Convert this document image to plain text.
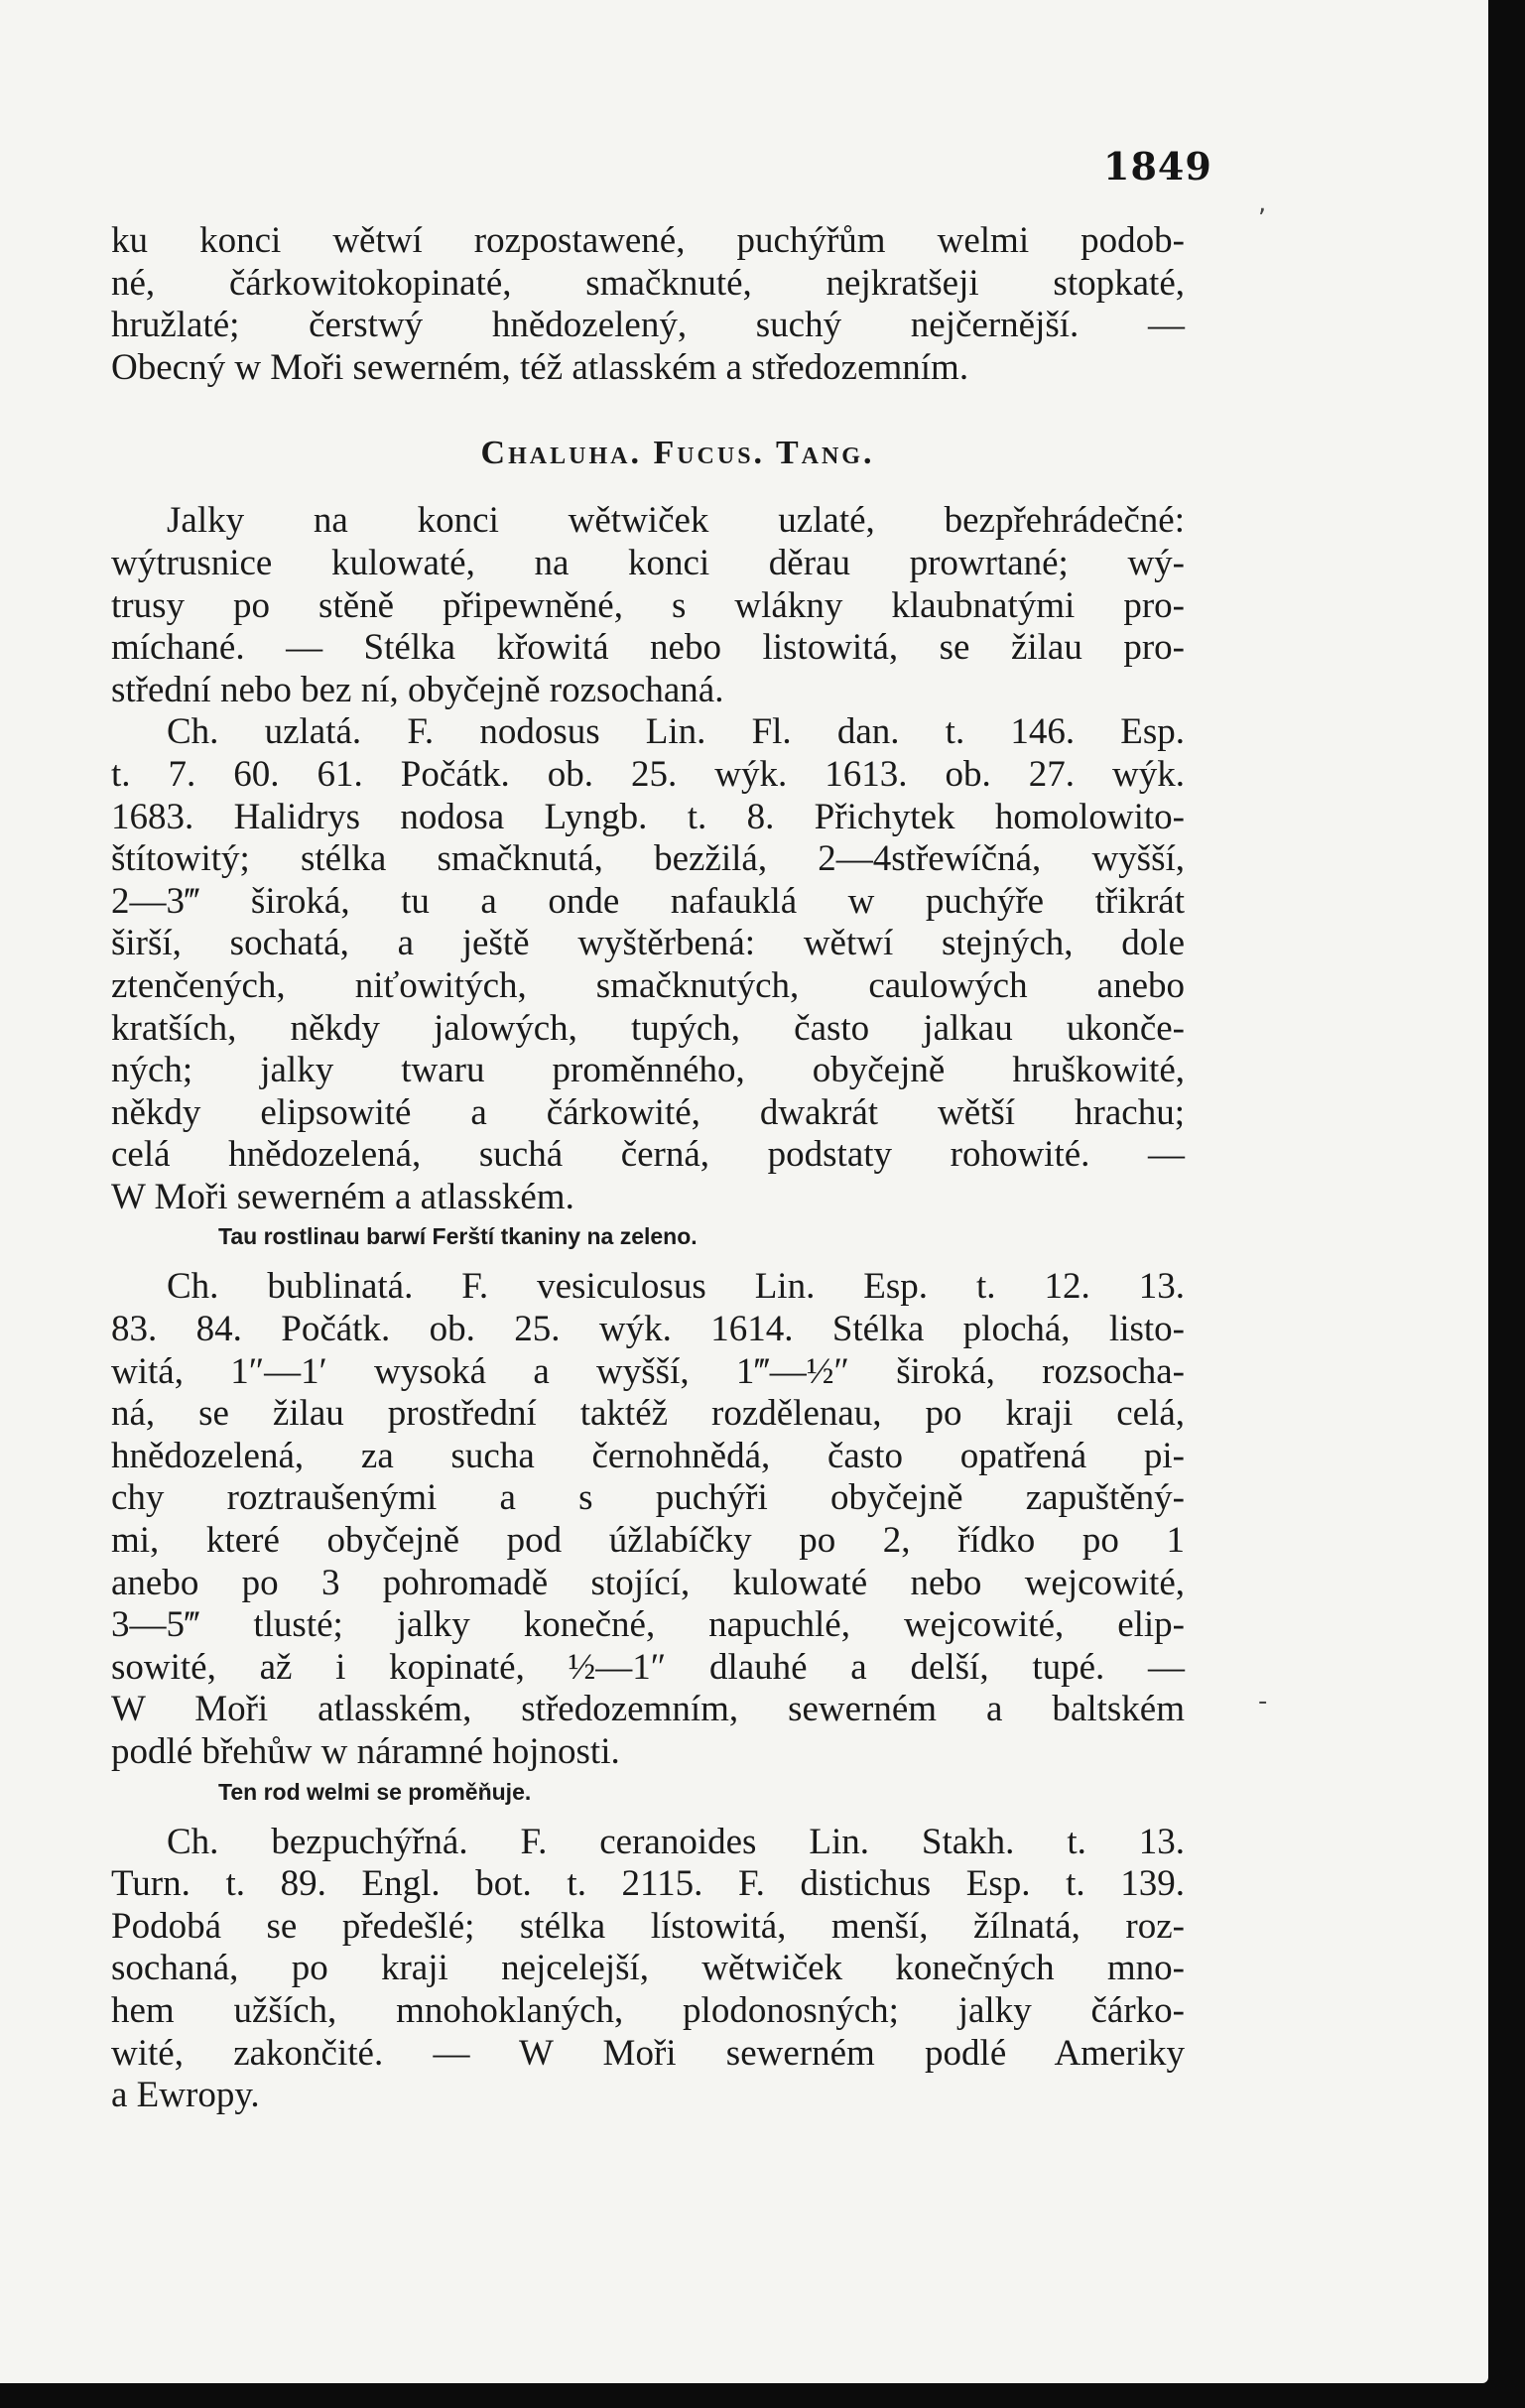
1849
ku konci wětwí rozpostawené, puchýřům welmi podob-
né, čárkowitokopinaté, smačknuté, nejkratšeji stopkaté,
hružlaté; čerstwý hnědozelený, suchý nejčernější. —
Obecný w Moři sewerném, též atlasském a středozemním.
Chaluha. Fucus. Tang.
Jalky na konci wětwiček uzlaté, bezpřehrádečné:
wýtrusnice kulowaté, na konci děrau prowrtané; wý-
trusy po stěně připewněné, s wlákny klaubnatými pro-
míchané. — Stélka křowitá nebo listowitá, se žilau pro-
střední nebo bez ní, obyčejně rozsochaná.
Ch. uzlatá. F. nodosus Lin. Fl. dan. t. 146. Esp.
t. 7. 60. 61. Počátk. ob. 25. wýk. 1613. ob. 27. wýk.
1683. Halidrys nodosa Lyngb. t. 8. Přichytek homolowito-
štítowitý; stélka smačknutá, bezžilá, 2—4střewíčná, wyšší,
2—3‴ široká, tu a onde nafauklá w puchýře třikrát
širší, sochatá, a ještě wyštěrbená: wětwí stejných, dole
ztenčených, niťowitých, smačknutých, caulowých anebo
kratších, někdy jalowých, tupých, často jalkau ukonče-
ných; jalky twaru proměnného, obyčejně hruškowité,
někdy elipsowité a čárkowité, dwakrát wětší hrachu;
celá hnědozelená, suchá černá, podstaty rohowité. —
W Moři sewerném a atlasském.
Tau rostlinau barwí Ferští tkaniny na zeleno.
Ch. bublinatá. F. vesiculosus Lin. Esp. t. 12. 13.
83. 84. Počátk. ob. 25. wýk. 1614. Stélka plochá, listo-
witá, 1″—1′ wysoká a wyšší, 1‴—½″ široká, rozsocha-
ná, se žilau prostřední taktéž rozdělenau, po kraji celá,
hnědozelená, za sucha černohnědá, často opatřená pi-
chy roztraušenými a s puchýři obyčejně zapuštěný-
mi, které obyčejně pod úžlabíčky po 2, řídko po 1
anebo po 3 pohromadě stojící, kulowaté nebo wejcowité,
3—5‴ tlusté; jalky konečné, napuchlé, wejcowité, elip-
sowité, až i kopinaté, ½—1″ dlauhé a delší, tupé. —
W Moři atlasském, středozemním, sewerném a baltském
podlé břehůw w náramné hojnosti.
Ten rod welmi se proměňuje.
Ch. bezpuchýřná. F. ceranoides Lin. Stakh. t. 13.
Turn. t. 89. Engl. bot. t. 2115. F. distichus Esp. t. 139.
Podobá se předešlé; stélka lístowitá, menší, žílnatá, roz-
sochaná, po kraji nejcelejší, wětwiček konečných mno-
hem užších, mnohoklaných, plodonosných; jalky čárko-
wité, zakončité. — W Moři sewerném podlé Ameriky
a Ewropy.
,
-
